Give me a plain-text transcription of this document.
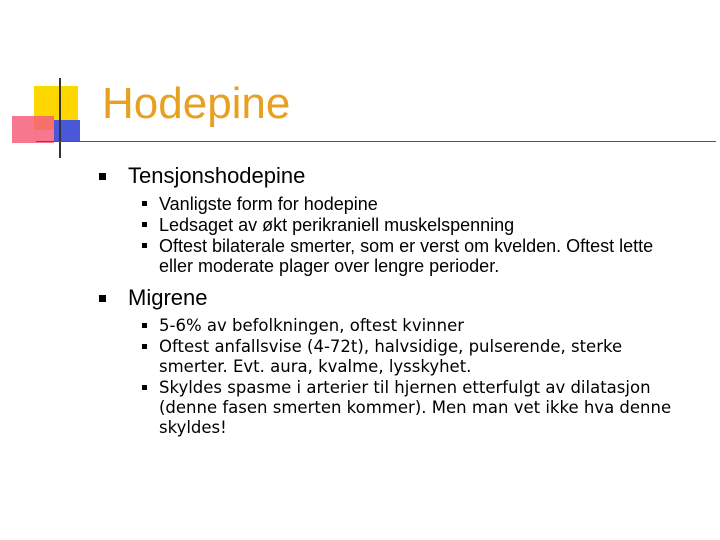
Hodepine
Tensjonshodepine
Vanligste form for hodepine
Ledsaget av økt perikraniell muskelspenning
Oftest bilaterale smerter, som er verst om kvelden. Oftest lette eller moderate plager over lengre perioder.
Migrene
5-6% av befolkningen, oftest kvinner
Oftest anfallsvise (4-72t), halvsidige, pulserende, sterke smerter. Evt. aura, kvalme, lysskyhet.
Skyldes spasme i arterier til hjernen etterfulgt av dilatasjon (denne fasen smerten kommer). Men man vet ikke hva denne skyldes!
